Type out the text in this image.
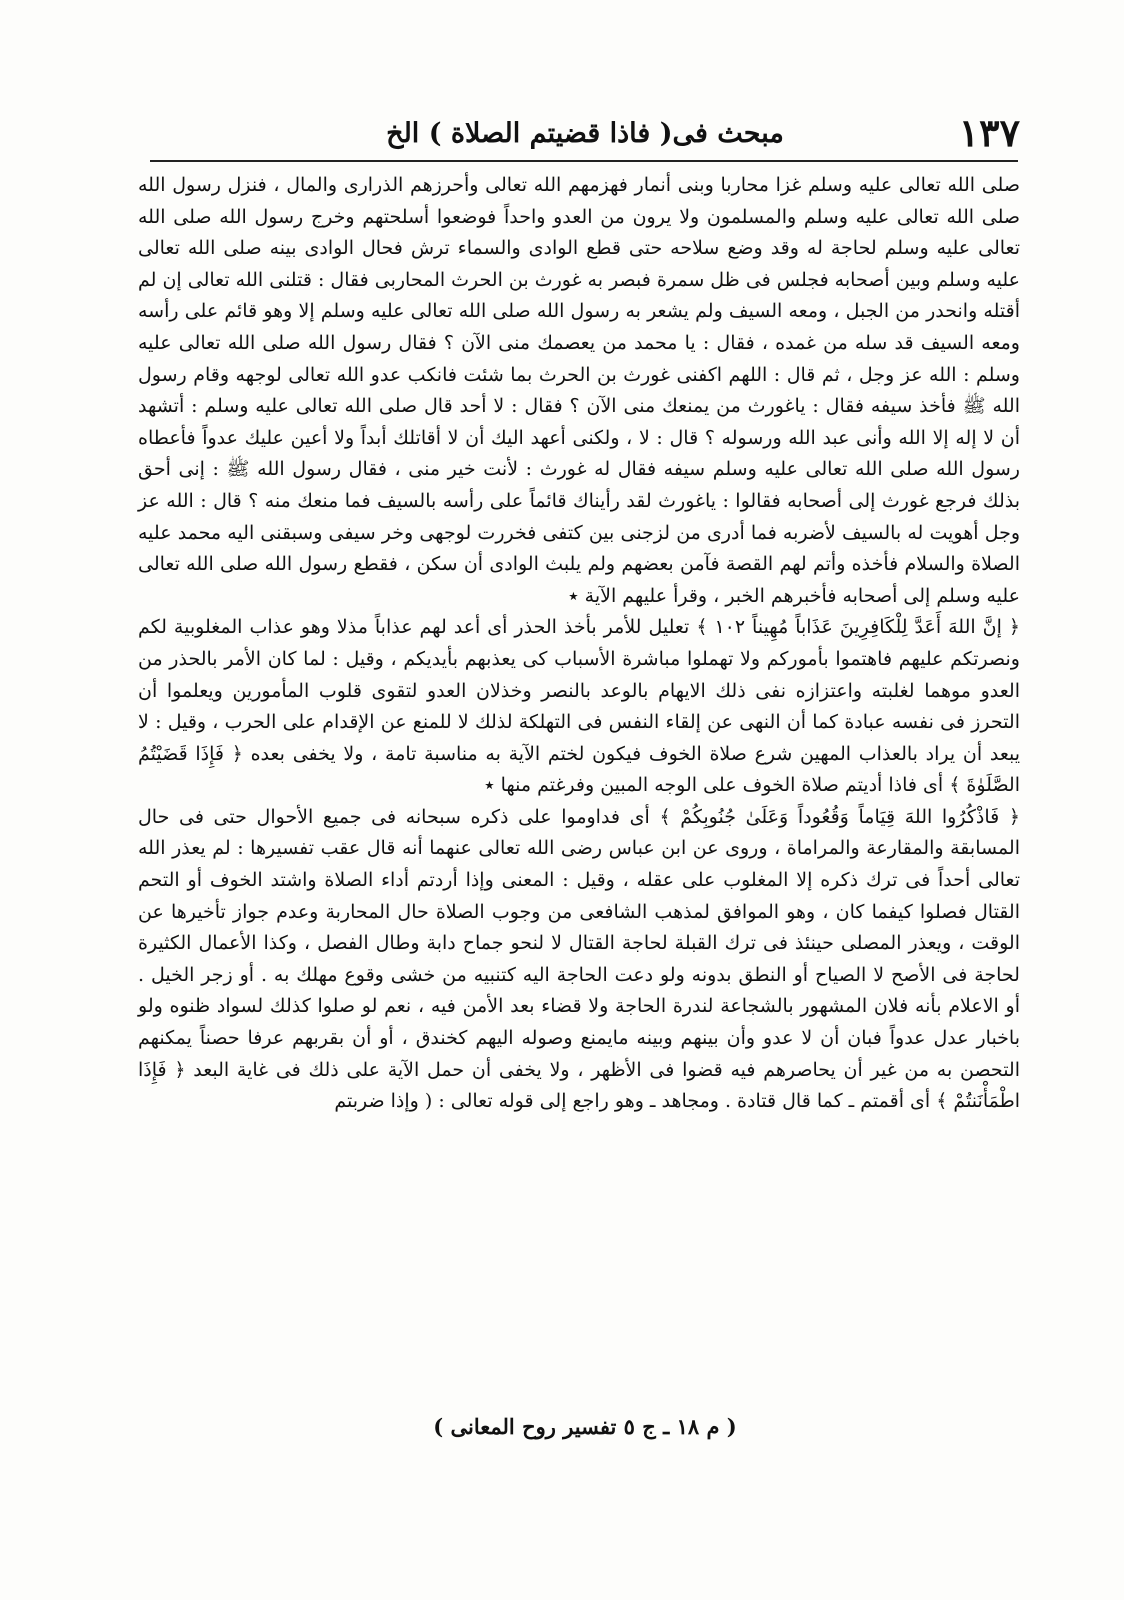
١٣٧
مبحث فى( فاذا قضيتم الصلاة ) الخ

صلى الله تعالى عليه وسلم غزا محاربا وبنى أنمار فهزمهم الله تعالى وأحرزهم الذرارى والمال ، فنزل رسول الله صلى الله تعالى عليه وسلم والمسلمون ولا يرون من العدو واحداً فوضعوا أسلحتهم وخرج رسول الله صلى الله تعالى عليه وسلم لحاجة له وقد وضع سلاحه حتى قطع الوادى والسماء ترش فحال الوادى بينه صلى الله تعالى عليه وسلم وبين أصحابه فجلس فى ظل سمرة فبصر به غورث بن الحرث المحاربى فقال : قتلنى الله تعالى إن لم أقتله وانحدر من الجبل ، ومعه السيف ولم يشعر به رسول الله صلى الله تعالى عليه وسلم إلا وهو قائم على رأسه ومعه السيف قد سله من غمده ، فقال : يا محمد من يعصمك منى الآن ؟ فقال رسول الله صلى الله تعالى عليه وسلم : الله عز وجل ، ثم قال : اللهم اكفنى غورث بن الحرث بما شئت فانكب عدو الله تعالى لوجهه وقام رسول الله ﷺ فأخذ سيفه فقال : ياغورث من يمنعك منى الآن ؟ فقال : لا أحد قال صلى الله تعالى عليه وسلم : أتشهد أن لا إله إلا الله وأنى عبد الله ورسوله ؟ قال : لا ، ولكنى أعهد اليك أن لا أقاتلك أبداً ولا أعين عليك عدواً فأعطاه رسول الله صلى الله تعالى عليه وسلم سيفه فقال له غورث : لأنت خير منى ، فقال رسول الله ﷺ : إنى أحق بذلك فرجع غورث إلى أصحابه فقالوا : ياغورث لقد رأيناك قائماً على رأسه بالسيف فما منعك منه ؟ قال : الله عز وجل أهويت له بالسيف لأضربه فما أدرى من لزجنى بين كتفى فخررت لوجهى وخر سيفى وسبقنى اليه محمد عليه الصلاة والسلام فأخذه وأتم لهم القصة فآمن بعضهم ولم يلبث الوادى أن سكن ، فقطع رسول الله صلى الله تعالى عليه وسلم إلى أصحابه فأخبرهم الخبر ، وقرأ عليهم الآية ٭

﴿ إنَّ اللهَ أَعَدَّ لِلْكَافِرِينَ عَذَاباً مُهِيناً ١٠٢ ﴾ تعليل للأمر بأخذ الحذر أى أعد لهم عذاباً مذلا وهو عذاب المغلوبية لكم ونصرتكم عليهم فاهتموا بأموركم ولا تهملوا مباشرة الأسباب كى يعذبهم بأيديكم ، وقيل : لما كان الأمر بالحذر من العدو موهما لغلبته واعتزازه نفى ذلك الايهام بالوعد بالنصر وخذلان العدو لتقوى قلوب المأمورين ويعلموا أن التحرز فى نفسه عبادة كما أن النهى عن إلقاء النفس فى التهلكة لذلك لا للمنع عن الإقدام على الحرب ، وقيل : لا يبعد أن يراد بالعذاب المهين شرع صلاة الخوف فيكون لختم الآية به مناسبة تامة ، ولا يخفى بعده ﴿ فَإِذَا قَضَيْتُمُ الصَّلَوٰةَ ﴾ أى فاذا أديتم صلاة الخوف على الوجه المبين وفرغتم منها ٭

﴿ فَاذْكُرُوا اللهَ قِيَاماً وَقُعُوداً وَعَلَىٰ جُنُوبِكُمْ ﴾ أى فداوموا على ذكره سبحانه فى جميع الأحوال حتى فى حال المسابقة والمقارعة والمراماة ، وروى عن ابن عباس رضى الله تعالى عنهما أنه قال عقب تفسيرها : لم يعذر الله تعالى أحداً فى ترك ذكره إلا المغلوب على عقله ، وقيل : المعنى وإذا أردتم أداء الصلاة واشتد الخوف أو التحم القتال فصلوا كيفما كان ، وهو الموافق لمذهب الشافعى من وجوب الصلاة حال المحاربة وعدم جواز تأخيرها عن الوقت ، ويعذر المصلى حينئذ فى ترك القبلة لحاجة القتال لا لنحو جماح دابة وطال الفصل ، وكذا الأعمال الكثيرة لحاجة فى الأصح لا الصياح أو النطق بدونه ولو دعت الحاجة اليه كتنبيه من خشى وقوع مهلك به . أو زجر الخيل . أو الاعلام بأنه فلان المشهور بالشجاعة لندرة الحاجة ولا قضاء بعد الأمن فيه ، نعم لو صلوا كذلك لسواد ظنوه ولو باخبار عدل عدواً فبان أن لا عدو وأن بينهم وبينه مايمنع وصوله اليهم كخندق ، أو أن بقربهم عرفا حصناً يمكنهم التحصن به من غير أن يحاصرهم فيه قضوا فى الأظهر ، ولا يخفى أن حمل الآية على ذلك فى غاية البعد ﴿ فَإِذَا اطْمَأْنَنتُمْ ﴾ أى أقمتم ـ كما قال قتادة . ومجاهد ـ وهو راجع إلى قوله تعالى : ( وإذا ضربتم

( م ١٨ ـ ج ٥ تفسير روح المعانى )
